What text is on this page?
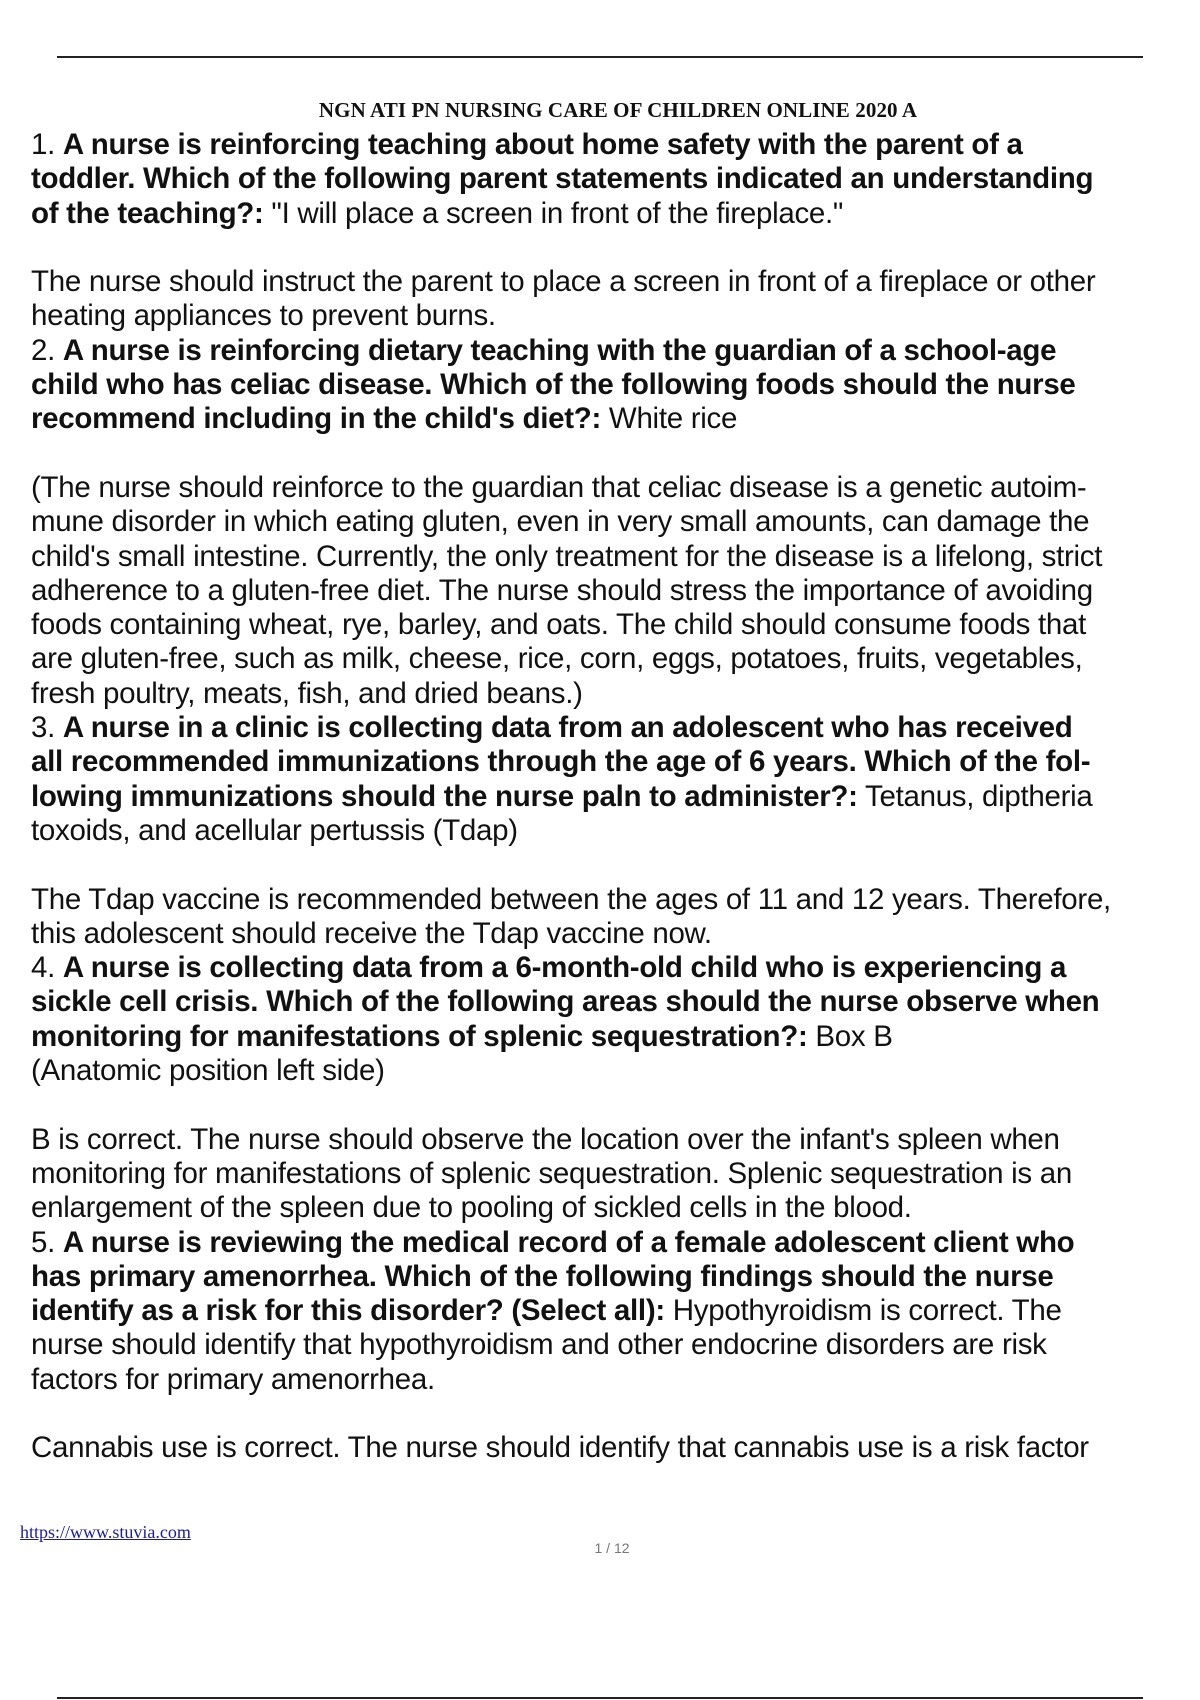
NGN ATI PN NURSING CARE OF CHILDREN ONLINE 2020 A

1. A nurse is reinforcing teaching about home safety with the parent of a

toddler. Which of the following parent statements indicated an understanding

of the teaching?: "I will place a screen in front of the fireplace."

The nurse should instruct the parent to place a screen in front of a fireplace or other

heating appliances to prevent burns.

2. A nurse is reinforcing dietary teaching with the guardian of a school-age

child who has celiac disease. Which of the following foods should the nurse

recommend including in the child's diet?: White rice

(The nurse should reinforce to the guardian that celiac disease is a genetic autoim-

mune disorder in which eating gluten, even in very small amounts, can damage the

child's small intestine. Currently, the only treatment for the disease is a lifelong, strict

adherence to a gluten-free diet. The nurse should stress the importance of avoiding

foods containing wheat, rye, barley, and oats. The child should consume foods that

are gluten-free, such as milk, cheese, rice, corn, eggs, potatoes, fruits, vegetables,

fresh poultry, meats, fish, and dried beans.)

3. A nurse in a clinic is collecting data from an adolescent who has received

all recommended immunizations through the age of 6 years. Which of the fol-

lowing immunizations should the nurse paln to administer?: Tetanus, diptheria

toxoids, and acellular pertussis (Tdap)

The Tdap vaccine is recommended between the ages of 11 and 12 years. Therefore,

this adolescent should receive the Tdap vaccine now.

4. A nurse is collecting data from a 6-month-old child who is experiencing a

sickle cell crisis. Which of the following areas should the nurse observe when

monitoring for manifestations of splenic sequestration?: Box B

(Anatomic position left side)

B is correct. The nurse should observe the location over the infant's spleen when

monitoring for manifestations of splenic sequestration. Splenic sequestration is an

enlargement of the spleen due to pooling of sickled cells in the blood.

5. A nurse is reviewing the medical record of a female adolescent client who

has primary amenorrhea. Which of the following findings should the nurse

identify as a risk for this disorder? (Select all): Hypothyroidism is correct. The

nurse should identify that hypothyroidism and other endocrine disorders are risk

factors for primary amenorrhea.

Cannabis use is correct. The nurse should identify that cannabis use is a risk factor

https://www.stuvia.com
1 / 12
